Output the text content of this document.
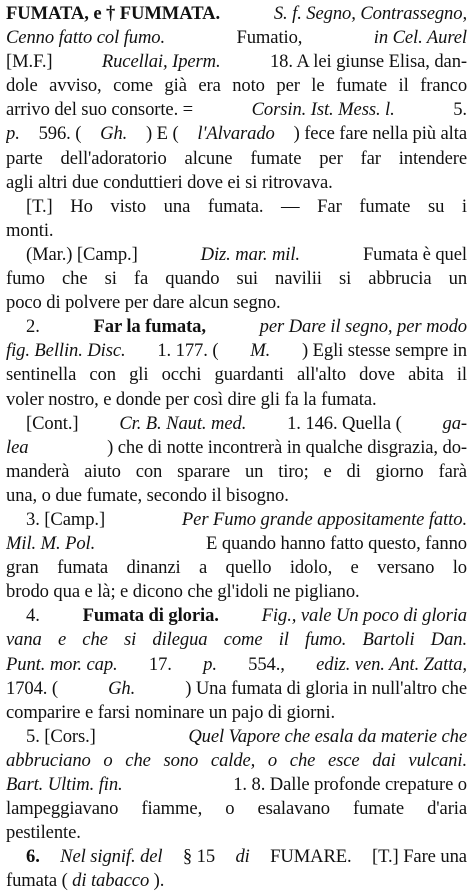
FUMATA, e † FUMMATA.	S. f. Segno, Contrassegno,
Cenno fatto col fumo.	Fumatio,	in Cel. Aurel
[M.F.]	Rucellai, Iperm.	18. A lei giunse Elisa, dan-
dole avviso, come già era noto per le fumate il franco
arrivo del suo consorte. =	Corsin. Ist. Mess. l.	5.
p. 596. ( Gh. ) E ( l'Alvarado ) fece fare nella più alta
parte dell'adoratorio alcune fumate per far intendere
agli altri due conduttieri dove ei si ritrovava.
[T.] Ho visto una fumata. — Far fumate su i
monti.
(Mar.) [Camp.]	Diz. mar. mil.	Fumata è quel
fumo che si fa quando sui navilii si abbrucia un
poco di polvere per dare alcun segno.
2.	Far la fumata,	per Dare il segno, per modo
fig. Bellin. Disc. 1. 177. ( M. ) Egli stesse sempre in
sentinella con gli occhi guardanti all'alto dove abita il
voler nostro, e donde per così dire gli fa la fumata.
[Cont.] Cr. B. Naut. med. 1. 146. Quella ( ga-
lea	) che di notte incontrerà in qualche disgrazia, do-
manderà aiuto con sparare un tiro; e di giorno farà
una, o due fumate, secondo il bisogno.
3. [Camp.]	Per Fumo grande appositamente fatto.
Mil. M. Pol.	E quando hanno fatto questo, fanno
gran fumata dinanzi a quello idolo, e versano lo
brodo qua e là; e dicono che gl'idoli ne pigliano.
4. Fumata di gloria. Fig., vale Un poco di gloria
vana e che si dilegua come il fumo. Bartoli Dan.
Punt. mor. cap. 17. p. 554., ediz. ven. Ant. Zatta,
1704. (	Gh.	) Una fumata di gloria in null'altro che
comparire e farsi nominare un pajo di giorni.
5. [Cors.]	Quel Vapore che esala da materie che
abbruciano o che sono calde, o che esce dai vulcani.
Bart. Ultim. fin.	1. 8. Dalle profonde crepature o
lampeggiavano fiamme, o esalavano fumate d'aria
pestilente.
6. Nel signif. del § 15 di FUMARE. [T.] Fare una
fumata ( di tabacco ).
